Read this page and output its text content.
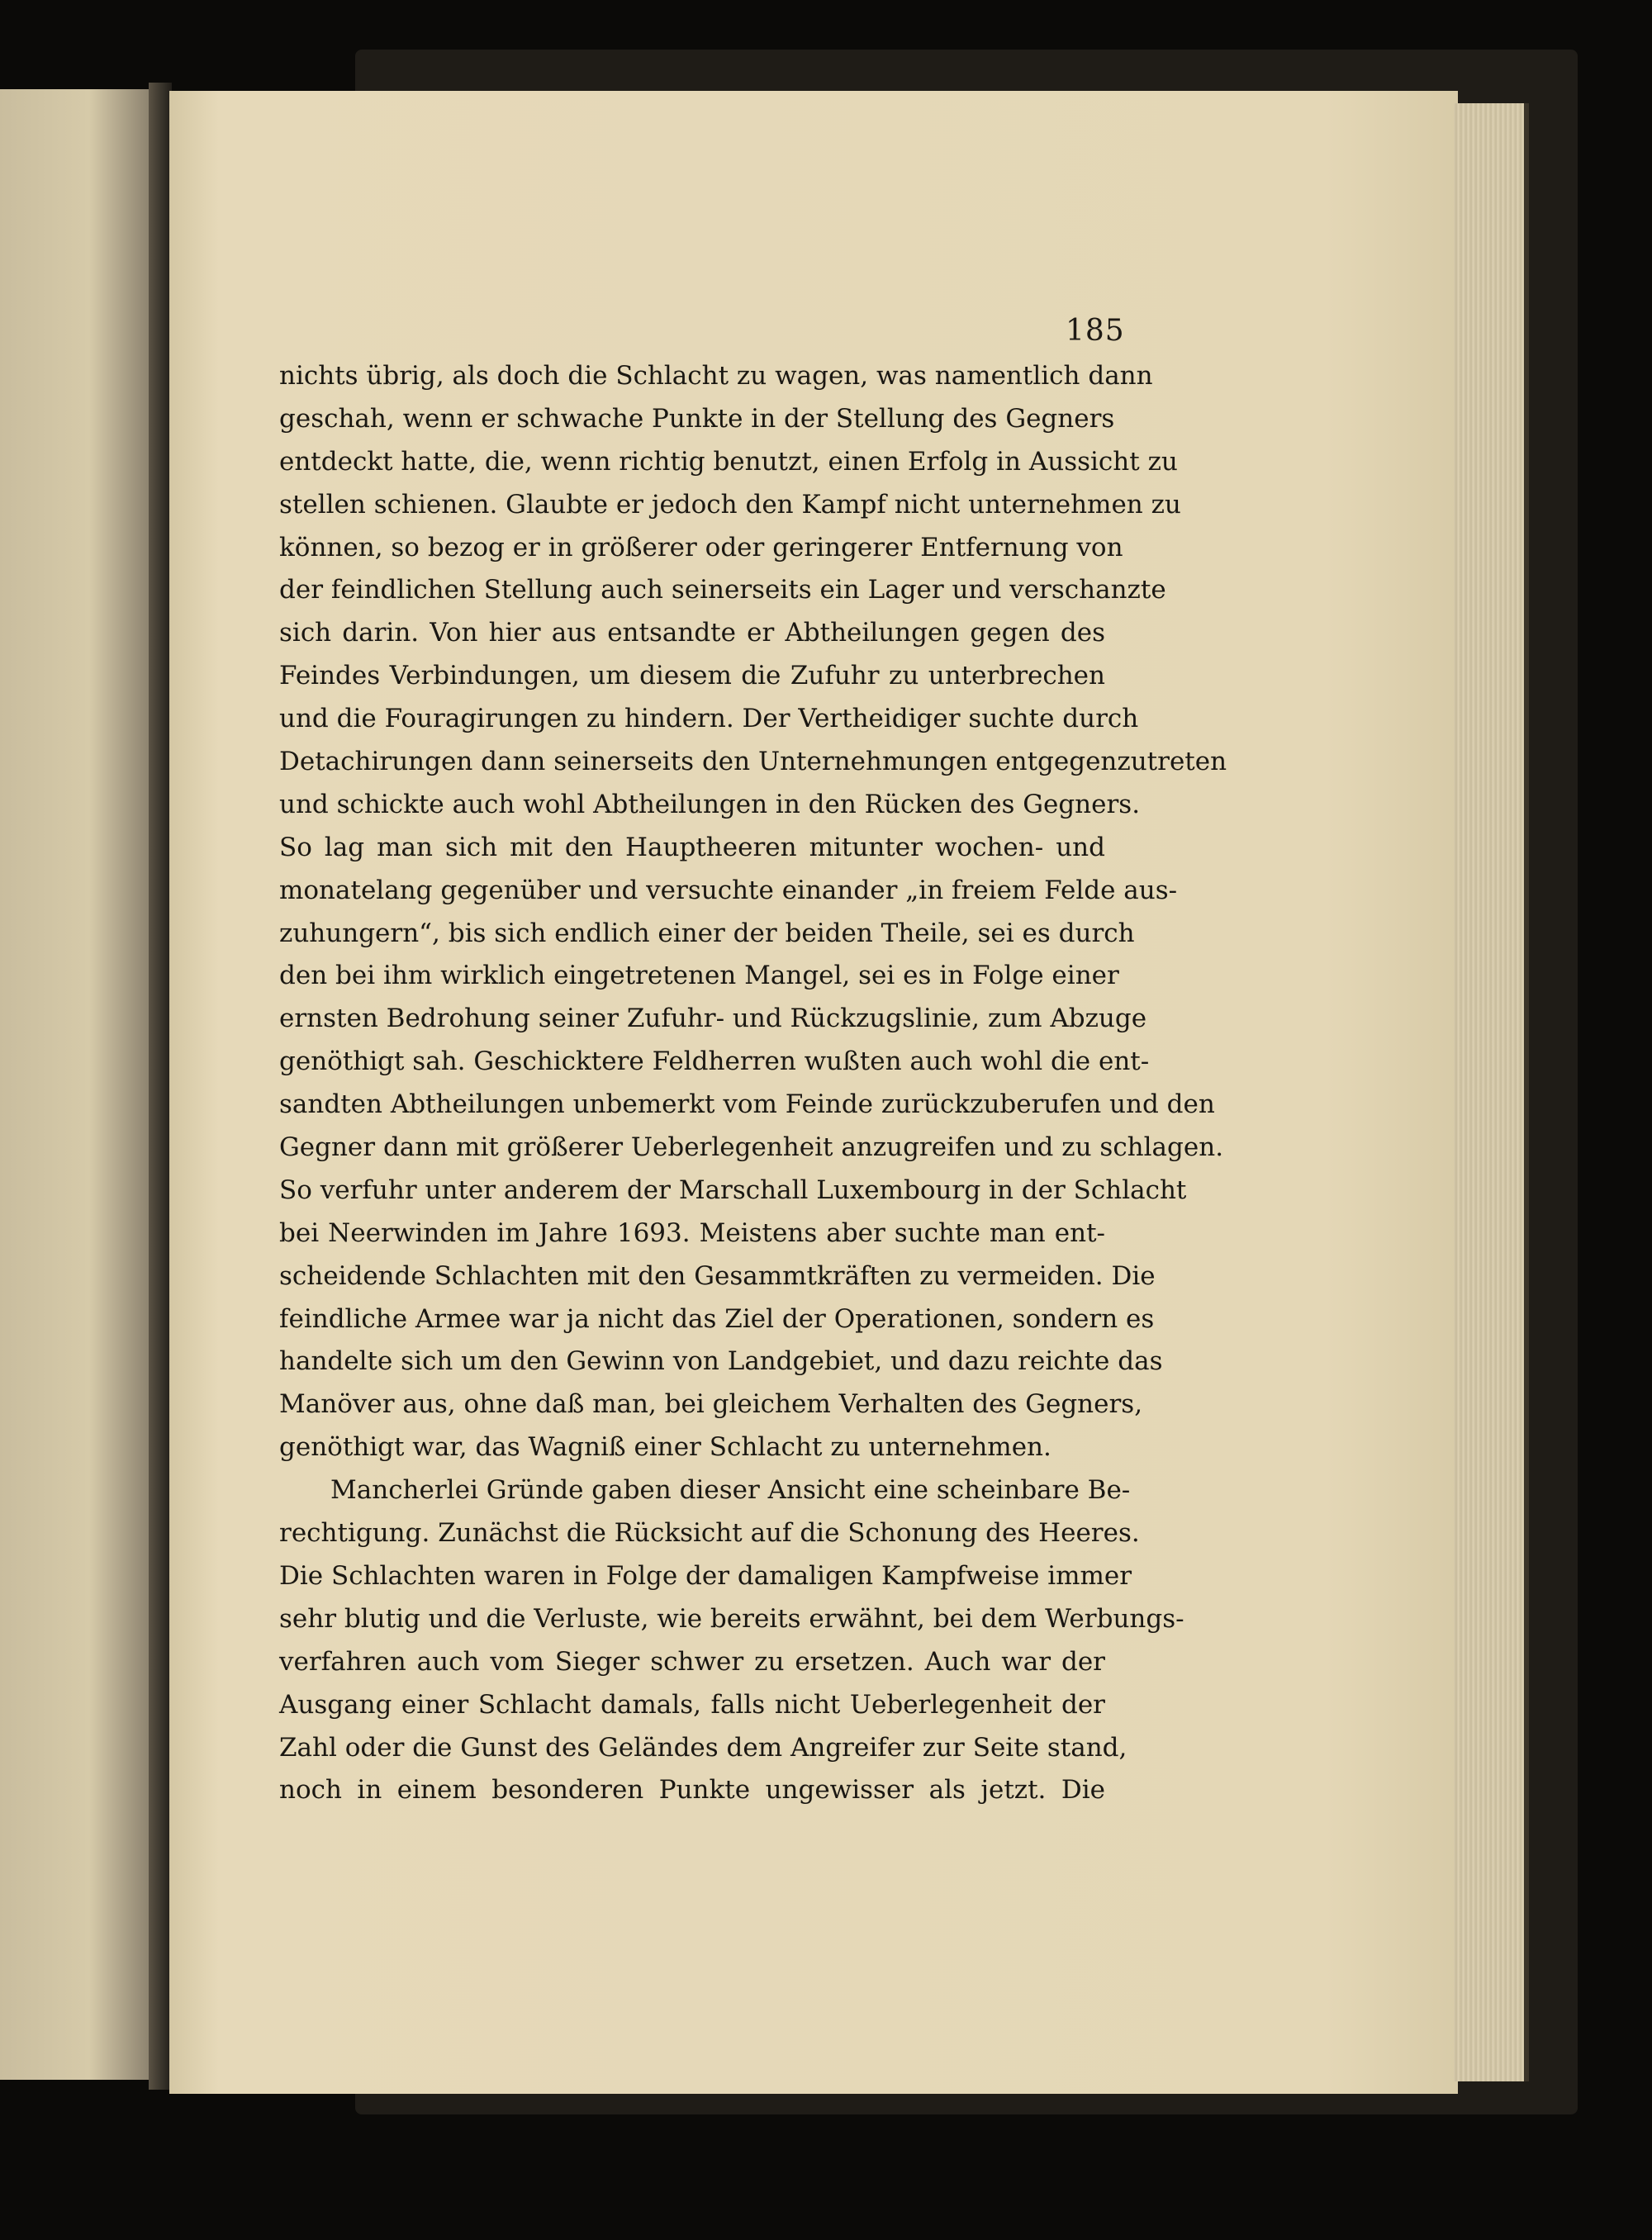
185
nichts übrig, als doch die Schlacht zu wagen, was namentlich dann
geschah, wenn er schwache Punkte in der Stellung des Gegners
entdeckt hatte, die, wenn richtig benutzt, einen Erfolg in Aussicht zu
stellen schienen. Glaubte er jedoch den Kampf nicht unternehmen zu
können, so bezog er in größerer oder geringerer Entfernung von
der feindlichen Stellung auch seinerseits ein Lager und verschanzte
sich darin. Von hier aus entsandte er Abtheilungen gegen des
Feindes Verbindungen, um diesem die Zufuhr zu unterbrechen
und die Fouragirungen zu hindern. Der Vertheidiger suchte durch
Detachirungen dann seinerseits den Unternehmungen entgegenzutreten
und schickte auch wohl Abtheilungen in den Rücken des Gegners.
So lag man sich mit den Hauptheeren mitunter wochen- und
monatelang gegenüber und versuchte einander „in freiem Felde aus-
zuhungern“, bis sich endlich einer der beiden Theile, sei es durch
den bei ihm wirklich eingetretenen Mangel, sei es in Folge einer
ernsten Bedrohung seiner Zufuhr- und Rückzugslinie, zum Abzuge
genöthigt sah. Geschicktere Feldherren wußten auch wohl die ent-
sandten Abtheilungen unbemerkt vom Feinde zurückzuberufen und den
Gegner dann mit größerer Ueberlegenheit anzugreifen und zu schlagen.
So verfuhr unter anderem der Marschall Luxembourg in der Schlacht
bei Neerwinden im Jahre 1693. Meistens aber suchte man ent-
scheidende Schlachten mit den Gesammtkräften zu vermeiden. Die
feindliche Armee war ja nicht das Ziel der Operationen, sondern es
handelte sich um den Gewinn von Landgebiet, und dazu reichte das
Manöver aus, ohne daß man, bei gleichem Verhalten des Gegners,
genöthigt war, das Wagniß einer Schlacht zu unternehmen.
Mancherlei Gründe gaben dieser Ansicht eine scheinbare Be-
rechtigung. Zunächst die Rücksicht auf die Schonung des Heeres.
Die Schlachten waren in Folge der damaligen Kampfweise immer
sehr blutig und die Verluste, wie bereits erwähnt, bei dem Werbungs-
verfahren auch vom Sieger schwer zu ersetzen. Auch war der
Ausgang einer Schlacht damals, falls nicht Ueberlegenheit der
Zahl oder die Gunst des Geländes dem Angreifer zur Seite stand,
noch in einem besonderen Punkte ungewisser als jetzt. Die
